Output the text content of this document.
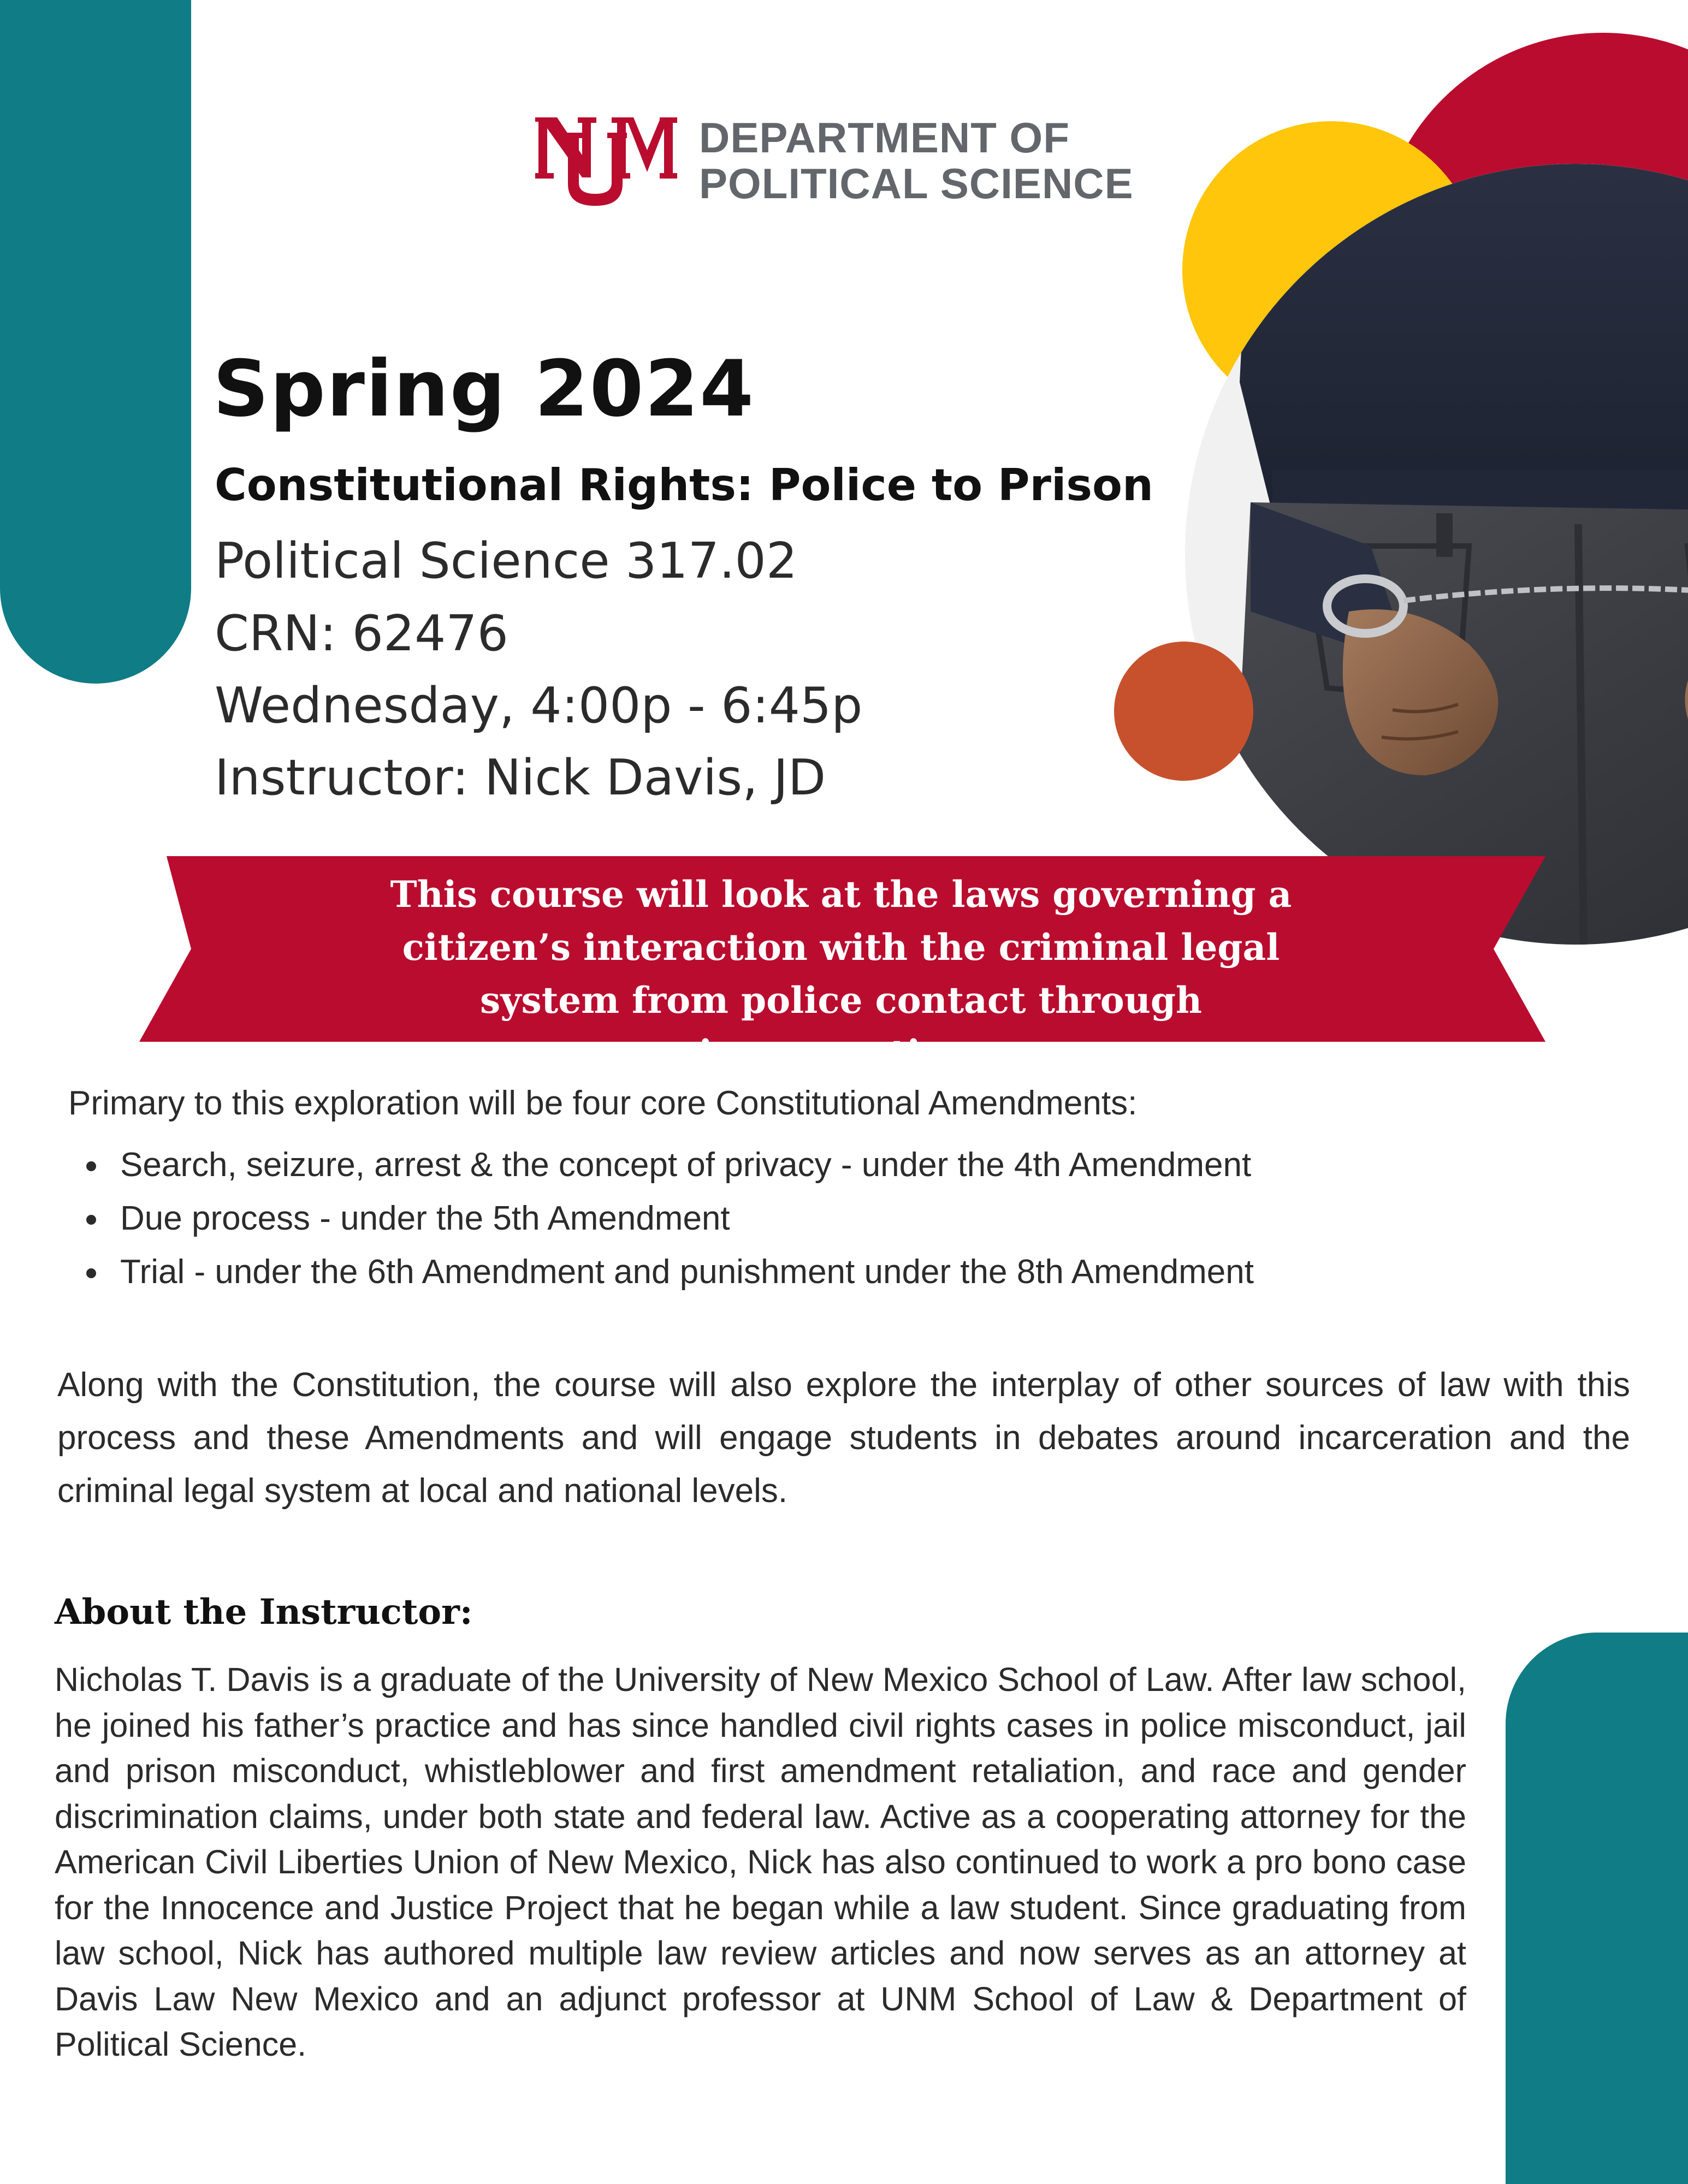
DEPARTMENT OF
POLITICAL SCIENCE
Spring 2024
Constitutional Rights: Police to Prison
Political Science 317.02
CRN: 62476
Wednesday, 4:00p - 6:45p
Instructor: Nick Davis, JD
This course will look at the laws governing a citizen’s interaction with the criminal legal system from police contact through incarceration.
Primary to this exploration will be four core Constitutional Amendments:
Search, seizure, arrest & the concept of privacy - under the 4th Amendment
Due process - under the 5th Amendment
Trial - under the 6th Amendment and punishment under the 8th Amendment
Along with the Constitution, the course will also explore the interplay of other sources of law with this process and these Amendments and will engage students in debates around incarceration and the criminal legal system at local and national levels.
About the Instructor:
Nicholas T. Davis is a graduate of the University of New Mexico School of Law. After law school, he joined his father’s practice and has since handled civil rights cases in police misconduct, jail and prison misconduct, whistleblower and first amendment retaliation, and race and gender discrimination claims, under both state and federal law. Active as a cooperating attorney for the American Civil Liberties Union of New Mexico, Nick has also continued to work a pro bono case for the Innocence and Justice Project that he began while a law student. Since graduating from law school, Nick has authored multiple law review articles and now serves as an attorney at Davis Law New Mexico and an adjunct professor at UNM School of Law & Department of Political Science.
